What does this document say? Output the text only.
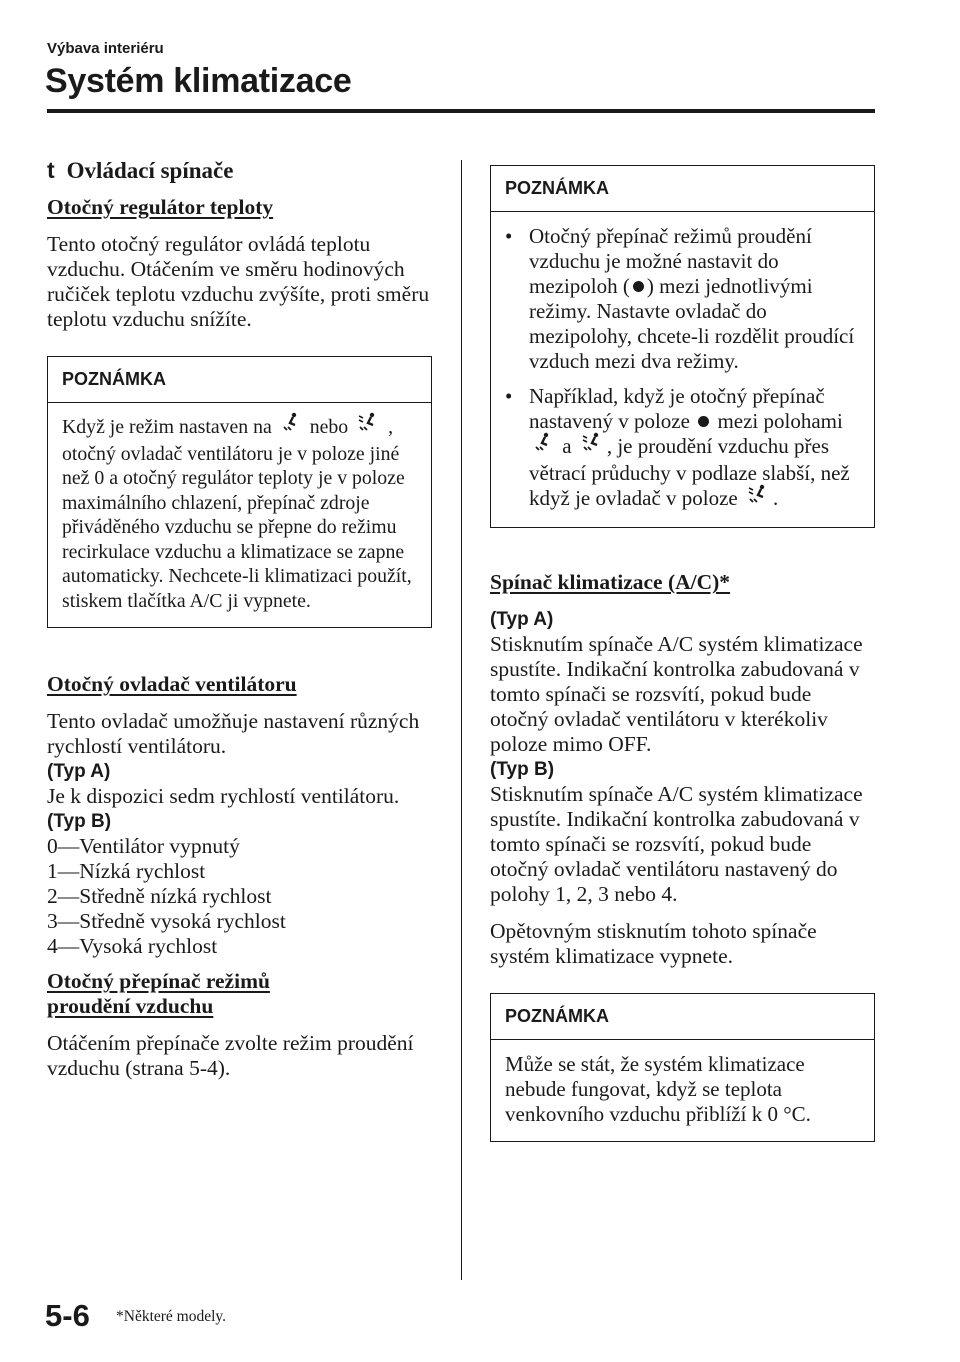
Výbava interiéru
Systém klimatizace
t Ovládací spínače

Otočný regulátor teploty

Tento otočný regulátor ovládá teplotu vzduchu. Otáčením ve směru hodinových ručiček teplotu vzduchu zvýšíte, proti směru teplotu vzduchu snížíte.

POZNÁMKA
Když je režim nastaven na nebo , otočný ovladač ventilátoru je v poloze jiné než 0 a otočný regulátor teploty je v poloze maximálního chlazení, přepínač zdroje přiváděného vzduchu se přepne do režimu recirkulace vzduchu a klimatizace se zapne automaticky. Nechcete-li klimatizaci použít, stiskem tlačítka A/C ji vypnete.

Otočný ovladač ventilátoru

Tento ovladač umožňuje nastavení různých rychlostí ventilátoru.

(Typ A)

Je k dispozici sedm rychlostí ventilátoru.

(Typ B)

0—Ventilátor vypnutý

1—Nízká rychlost

2—Středně nízká rychlost

3—Středně vysoká rychlost

4—Vysoká rychlost

Otočný přepínač režimů

proudění vzduchu

Otáčením přepínače zvolte režim proudění vzduchu (strana 5-4).

POZNÁMKA
• Otočný přepínač režimů proudění vzduchu je možné nastavit do mezipoloh ( ) mezi jednotlivými režimy. Nastavte ovladač do mezipolohy, chcete-li rozdělit proudící vzduch mezi dva režimy.
• Například, když je otočný přepínač nastavený v poloze mezi polohami  a , je proudění vzduchu přes větrací průduchy v podlaze slabší, než když je ovladač v poloze .

Spínač klimatizace (A/C)*

(Typ A)

Stisknutím spínače A/C systém klimatizace spustíte. Indikační kontrolka zabudovaná v tomto spínači se rozsvítí, pokud bude otočný ovladač ventilátoru v kterékoliv poloze mimo OFF.

(Typ B)

Stisknutím spínače A/C systém klimatizace spustíte. Indikační kontrolka zabudovaná v tomto spínači se rozsvítí, pokud bude otočný ovladač ventilátoru nastavený do polohy 1, 2, 3 nebo 4.

Opětovným stisknutím tohoto spínače systém klimatizace vypnete.

POZNÁMKA
Může se stát, že systém klimatizace nebude fungovat, když se teplota venkovního vzduchu přiblíží k 0 °C.
5-6 *Některé modely.
